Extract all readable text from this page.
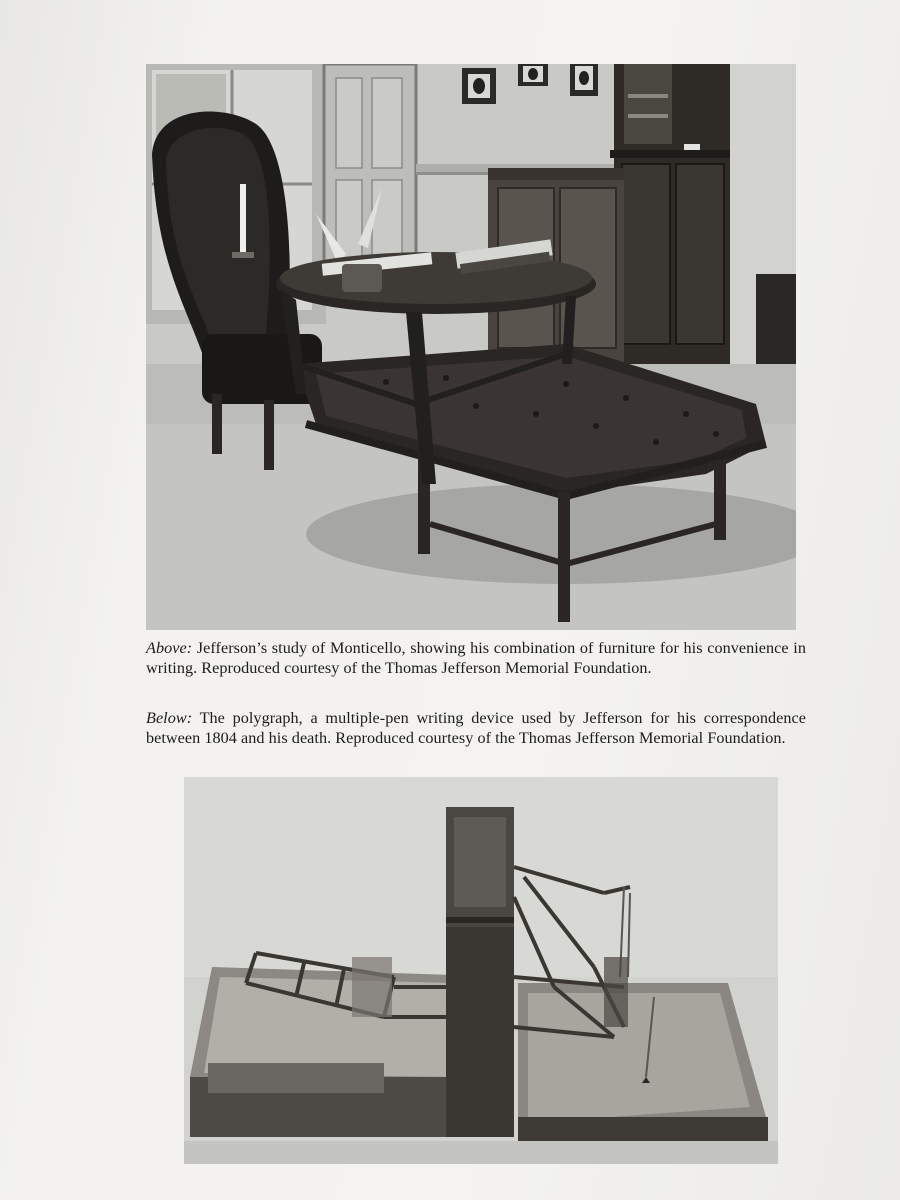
Above: Jefferson’s study of Monticello, showing his combination of furniture for his convenience in writing. Reproduced courtesy of the Thomas Jefferson Memorial Foundation.
Below: The polygraph, a multiple-pen writing device used by Jefferson for his correspondence between 1804 and his death. Reproduced courtesy of the Thomas Jefferson Memorial Foundation.
